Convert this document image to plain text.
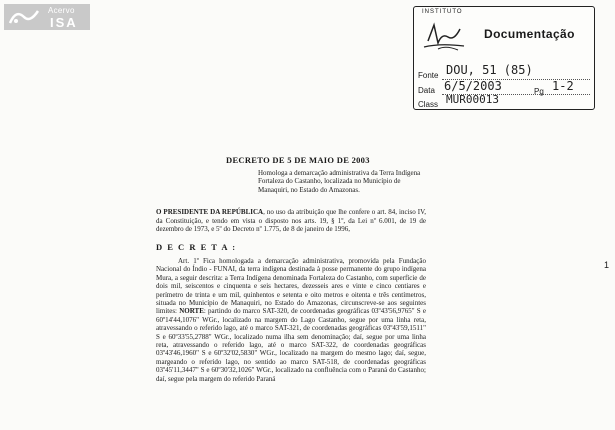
Acervo
ISA
INSTITUTO
Documentação
Fonte DOU, 51 (85)
Data 6/5/2003	Pg 1-2
Class MUR00013
DECRETO DE 5 DE MAIO DE 2003
Homologa a demarcação administrativa da Terra Indígena Fortaleza do Castanho, localizada no Município de Manaquiri, no Estado do Amazonas.
O PRESIDENTE DA REPÚBLICA, no uso da atribuição que lhe confere o art. 84, inciso IV, da Constituição, e tendo em vista o disposto nos arts. 19, § 1º, da Lei nº 6.001, de 19 de dezembro de 1973, e 5º do Decreto nº 1.775, de 8 de janeiro de 1996,
D E C R E T A :
Art. 1º Fica homologada a demarcação administrativa, promovida pela Fundação Nacional do Índio - FUNAI, da terra indígena destinada à posse permanente do grupo indígena Mura, a seguir descrita: a Terra Indígena denominada Fortaleza do Castanho, com superfície de dois mil, seiscentos e cinquenta e seis hectares, dezesseis ares e vinte e cinco centiares e perímetro de trinta e um mil, quinhentos e setenta e oito metros e oitenta e três centímetros, situada no Município de Manaquiri, no Estado do Amazonas, circunscreve-se aos seguintes limites: NORTE: partindo do marco SAT-320, de coordenadas geográficas 03º43'56,9765" S e 60º14'44,1076" WGr., localizado na margem do Lago Castanho, segue por uma linha reta, atravessando o referido lago, até o marco SAT-321, de coordenadas geográficas 03º43'59,1511" S e 60º33'55,2788" WGr., localizado numa ilha sem denominação; daí, segue por uma linha reta, atravessando o referido lago, até o marco SAT-322, de coordenadas geográficas 03º43'46,1960" S e 60º32'02,5830" WGr., localizado na margem do mesmo lago; daí, segue, margeando o referido lago, no sentido ao marco SAT-518, de coordenadas geográficas 03º45'11,3447" S e 60º30'32,1026" WGr., localizado na confluência com o Paraná do Castanho; daí, segue pela margem do referido Paraná
1
